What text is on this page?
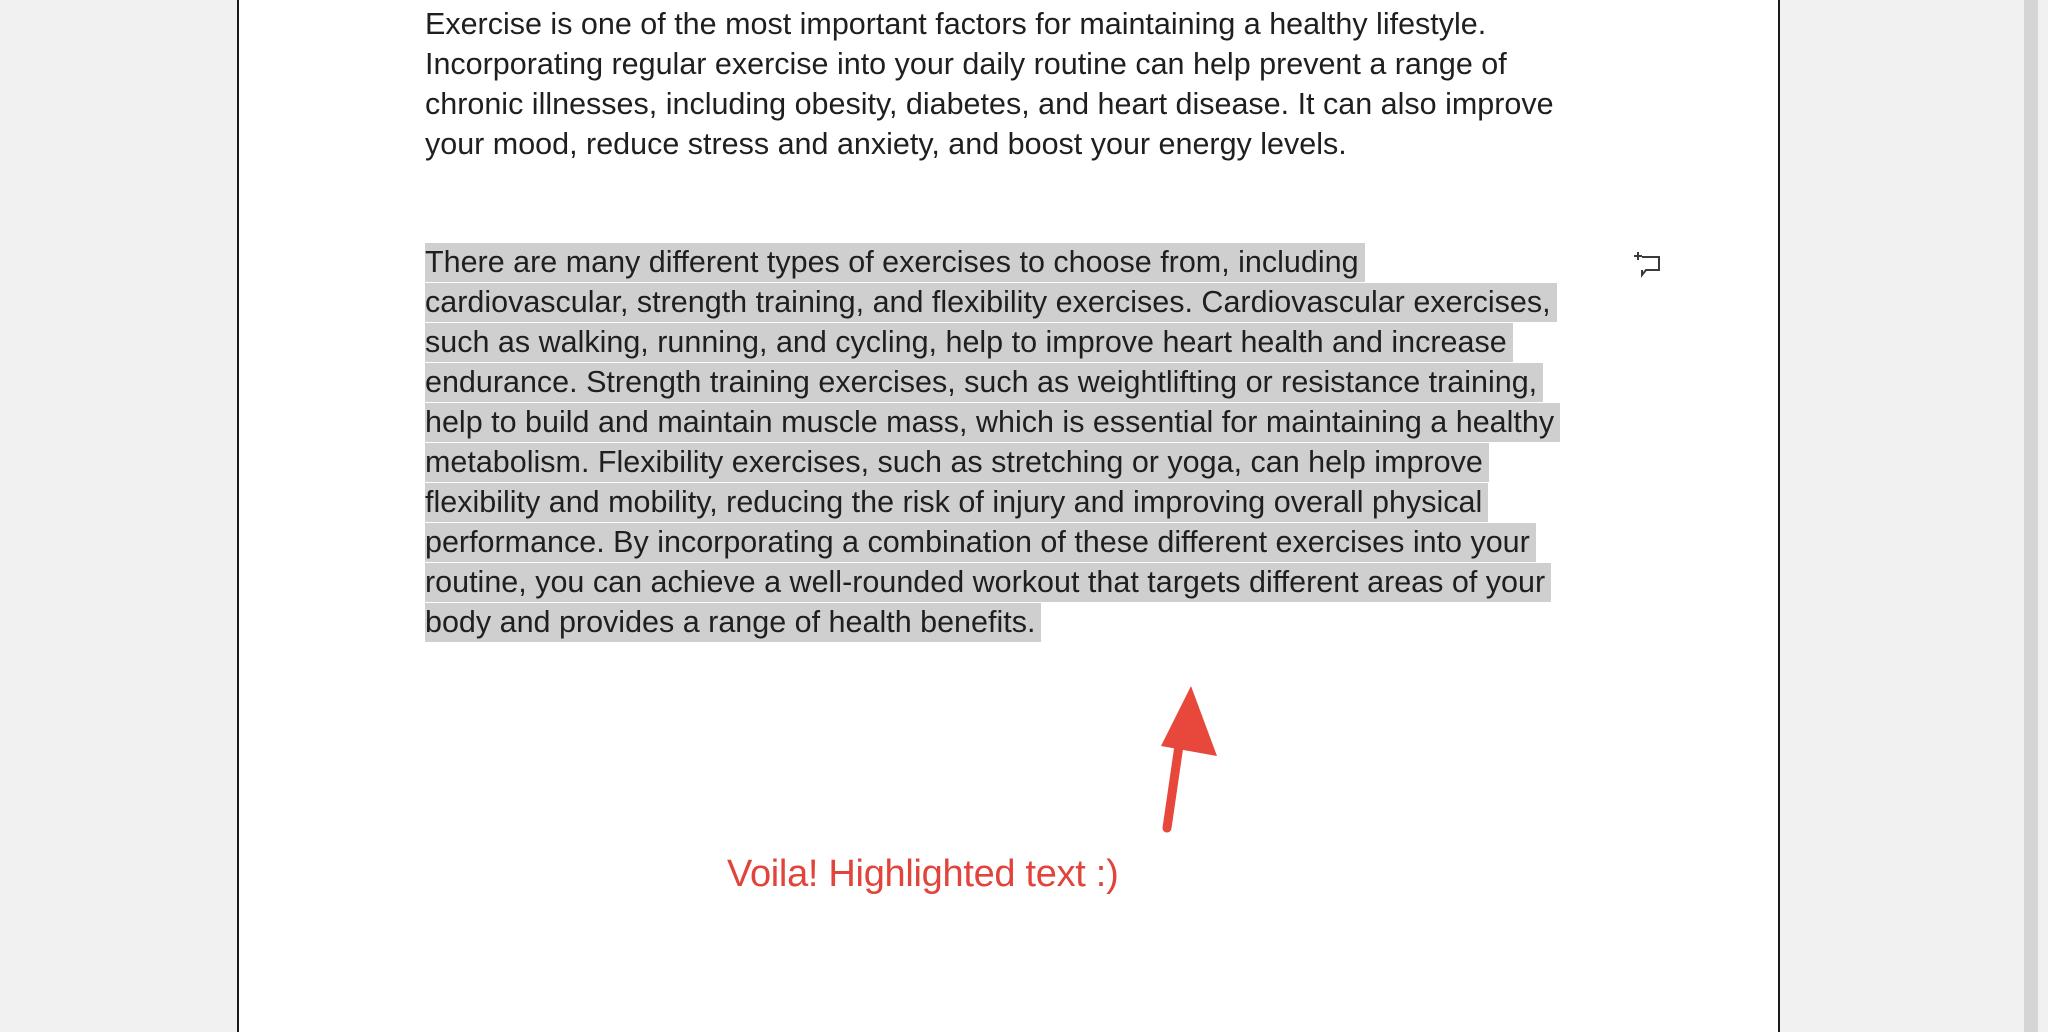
Exercise is one of the most important factors for maintaining a healthy lifestyle.
Incorporating regular exercise into your daily routine can help prevent a range of
chronic illnesses, including obesity, diabetes, and heart disease. It can also improve
your mood, reduce stress and anxiety, and boost your energy levels.

There are many different types of exercises to choose from, including
cardiovascular, strength training, and flexibility exercises. Cardiovascular exercises,
such as walking, running, and cycling, help to improve heart health and increase
endurance. Strength training exercises, such as weightlifting or resistance training,
help to build and maintain muscle mass, which is essential for maintaining a healthy
metabolism. Flexibility exercises, such as stretching or yoga, can help improve
flexibility and mobility, reducing the risk of injury and improving overall physical
performance. By incorporating a combination of these different exercises into your
routine, you can achieve a well-rounded workout that targets different areas of your
body and provides a range of health benefits.

Voila! Highlighted text :)
